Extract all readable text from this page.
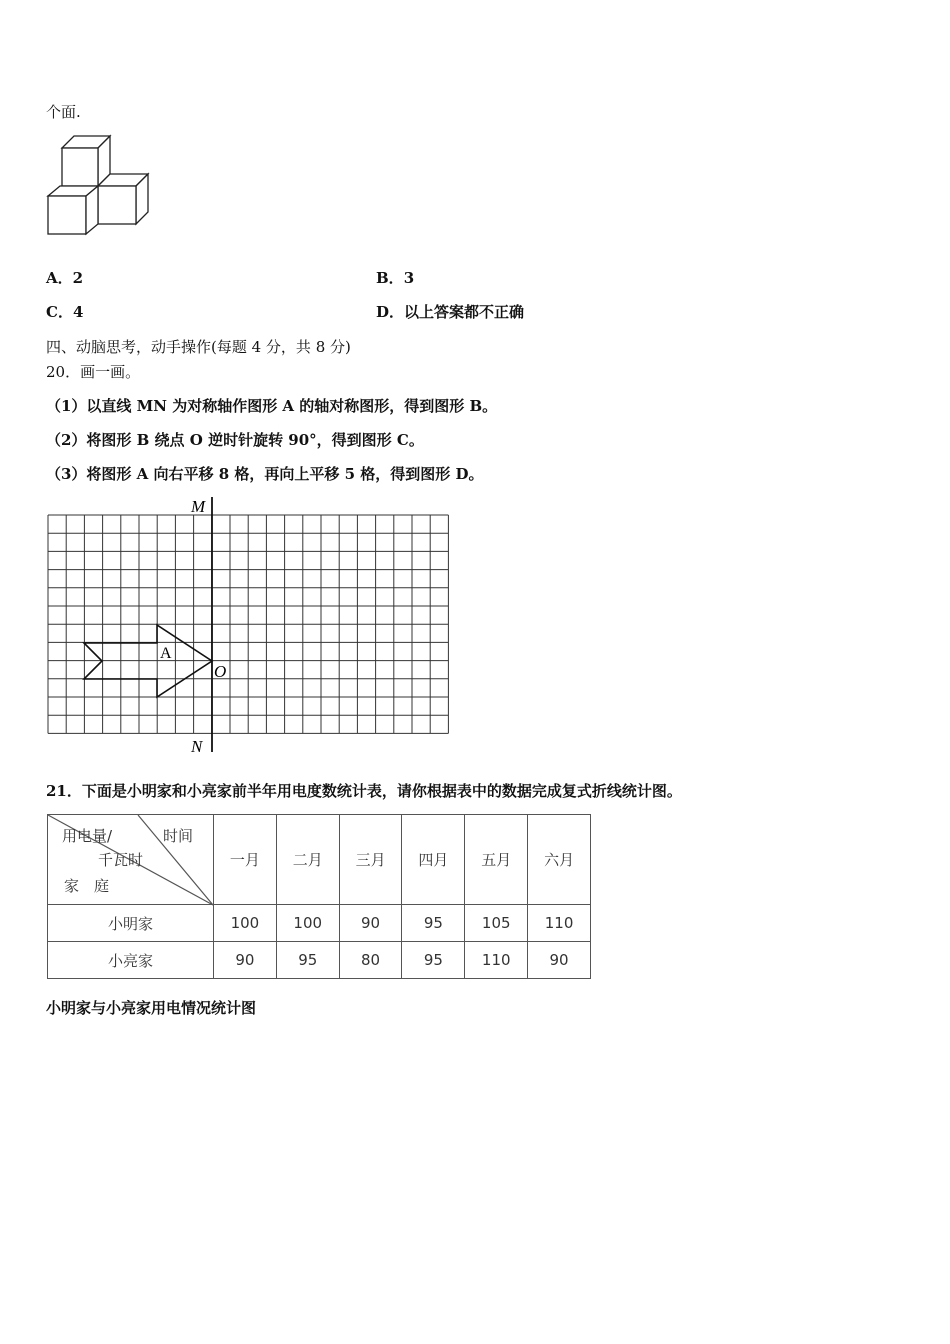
个面.
A．2	B．3
C．4	D．以上答案都不正确
四、动脑思考，动手操作(每题 4 分，共 8 分)
20．画一画。
（1）以直线 MN 为对称轴作图形 A 的轴对称图形，得到图形 B。
（2）将图形 B 绕点 O 逆时针旋转 90°，得到图形 C。
（3）将图形 A 向右平移 8 格，再向上平移 5 格，得到图形 D。
M
N
O
A
21．下面是小明家和小亮家前半年用电度数统计表，请你根据表中的数据完成复式折线统计图。
用电量/ 时间
千瓦时
家　庭	一月	二月	三月	四月	五月	六月
小明家	100	100	90	95	105	110
小亮家	90	95	80	95	110	90
小明家与小亮家用电情况统计图
